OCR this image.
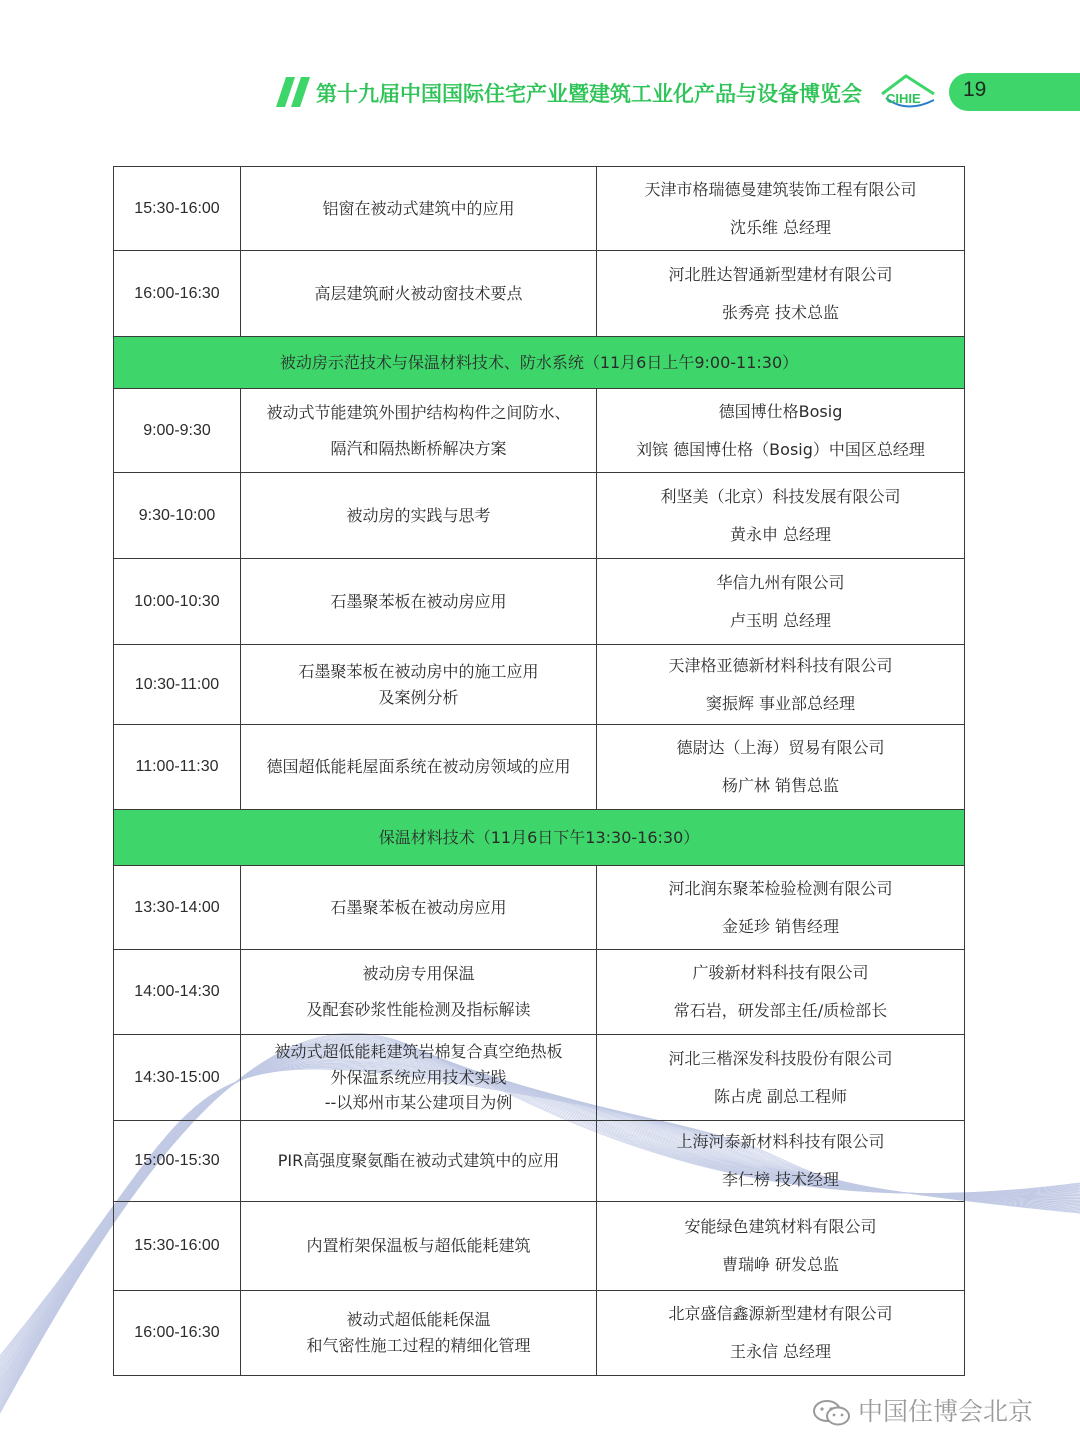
第十九届中国国际住宅产业暨建筑工业化产品与设备博览会 CIHIE 19
15:30-16:00	铝窗在被动式建筑中的应用	天津市格瑞德曼建筑装饰工程有限公司
沈乐维 总经理

16:00-16:30	高层建筑耐火被动窗技术要点	河北胜达智通新型建材有限公司
张秀亮 技术总监

被动房示范技术与保温材料技术、防水系统（11月6日上午9:00-11:30）		
9:00-9:30	被动式节能建筑外围护结构构件之间防水、
隔汽和隔热断桥解决方案	德国博仕格Bosig
刘镔 德国博仕格（Bosig）中国区总经理

9:30-10:00	被动房的实践与思考	利坚美（北京）科技发展有限公司
黄永申 总经理

10:00-10:30	石墨聚苯板在被动房应用	华信九州有限公司
卢玉明 总经理

10:30-11:00	石墨聚苯板在被动房中的施工应用
及案例分析	天津格亚德新材料科技有限公司
窦振辉 事业部总经理

11:00-11:30	德国超低能耗屋面系统在被动房领域的应用	德尉达（上海）贸易有限公司
杨广林 销售总监

保温材料技术（11月6日下午13:30-16:30）		
13:30-14:00	石墨聚苯板在被动房应用	河北润东聚苯检验检测有限公司
金延珍 销售经理

14:00-14:30	被动房专用保温
及配套砂浆性能检测及指标解读	广骏新材料科技有限公司
常石岩，研发部主任/质检部长

14:30-15:00	被动式超低能耗建筑岩棉复合真空绝热板
外保温系统应用技术实践
--以郑州市某公建项目为例	河北三楷深发科技股份有限公司
陈占虎 副总工程师

15:00-15:30	PIR高强度聚氨酯在被动式建筑中的应用	上海河泰新材料科技有限公司
李仁榜 技术经理

15:30-16:00	内置桁架保温板与超低能耗建筑	安能绿色建筑材料有限公司
曹瑞峥 研发总监

16:00-16:30	被动式超低能耗保温
和气密性施工过程的精细化管理	北京盛信鑫源新型建材有限公司
王永信 总经理
中国住博会北京
